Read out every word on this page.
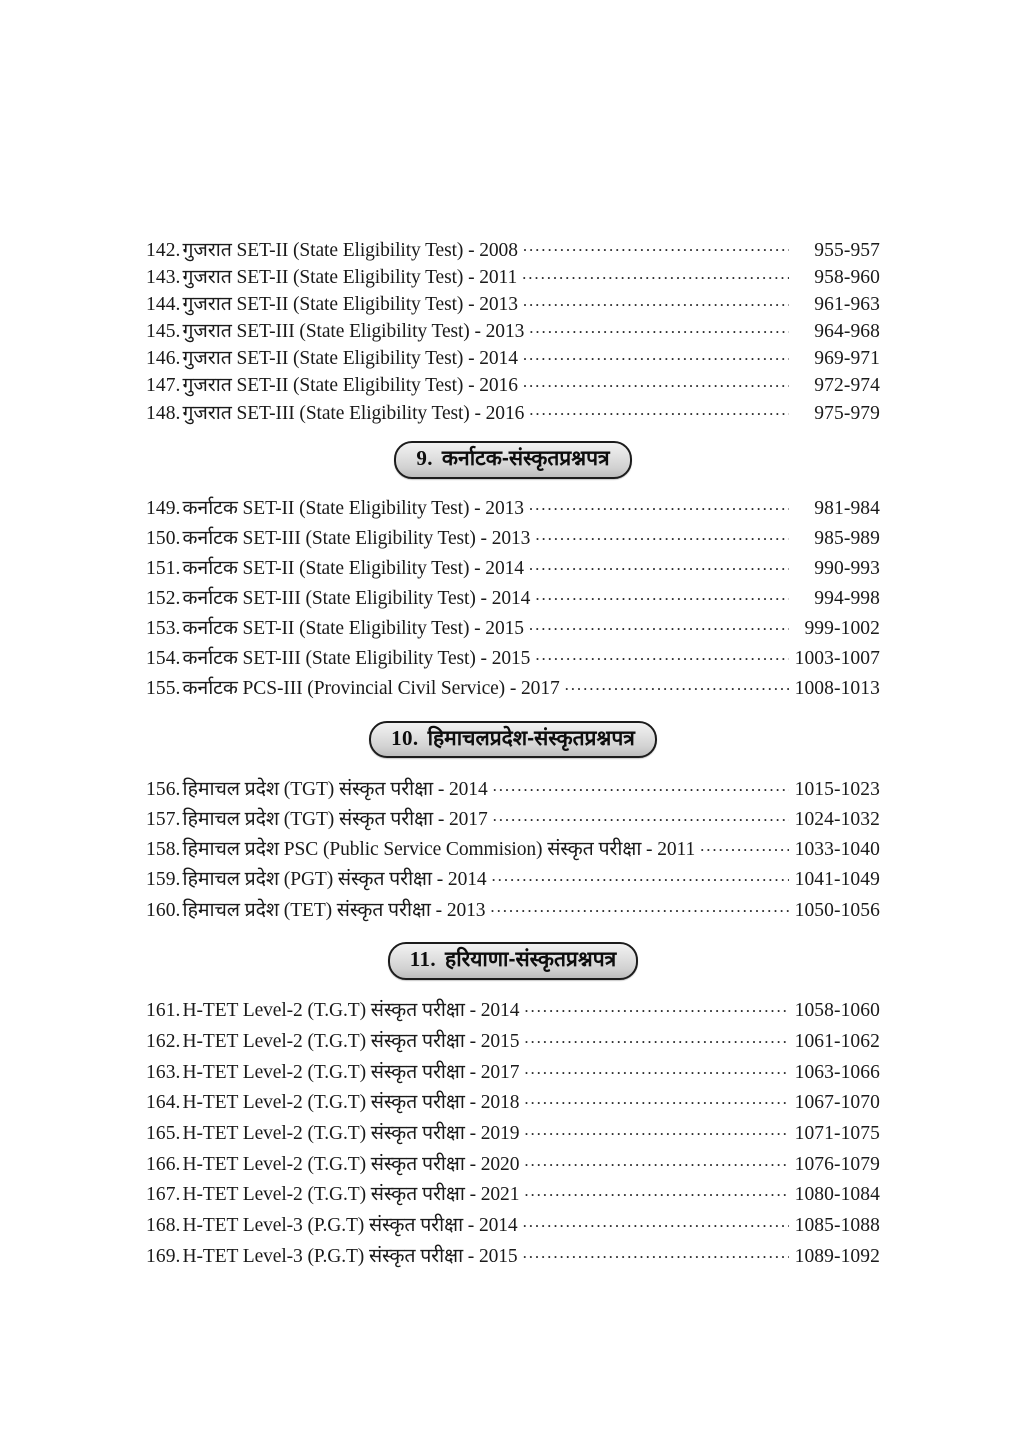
142. गुजरात SET-II (State Eligibility Test) - 2008 .....	955-957
143. गुजरात SET-II (State Eligibility Test) - 2011 .....	958-960
144. गुजरात SET-II (State Eligibility Test) - 2013 .....	961-963
145. गुजरात SET-III (State Eligibility Test) - 2013 .....	964-968
146. गुजरात SET-II (State Eligibility Test) - 2014 .....	969-971
147. गुजरात SET-II (State Eligibility Test) - 2016 .....	972-974
148. गुजरात SET-III (State Eligibility Test) - 2016 .....	975-979
9. कर्नाटक-संस्कृतप्रश्नपत्र
149. कर्नाटक SET-II (State Eligibility Test) - 2013 .....	981-984
150. कर्नाटक SET-III (State Eligibility Test) - 2013 .....	985-989
151. कर्नाटक SET-II (State Eligibility Test) - 2014 .....	990-993
152. कर्नाटक SET-III (State Eligibility Test) - 2014 .....	994-998
153. कर्नाटक SET-II (State Eligibility Test) - 2015 .....	999-1002
154. कर्नाटक SET-III (State Eligibility Test) - 2015 .....	1003-1007
155. कर्नाटक PCS-III (Provincial Civil Service) - 2017 .....	1008-1013
10. हिमाचलप्रदेश-संस्कृतप्रश्नपत्र
156. हिमाचल प्रदेश (TGT) संस्कृत परीक्षा - 2014 .....	1015-1023
157. हिमाचल प्रदेश (TGT) संस्कृत परीक्षा - 2017 .....	1024-1032
158. हिमाचल प्रदेश PSC (Public Service Commision) संस्कृत परीक्षा - 2011 .....	1033-1040
159. हिमाचल प्रदेश (PGT) संस्कृत परीक्षा - 2014 .....	1041-1049
160. हिमाचल प्रदेश (TET) संस्कृत परीक्षा - 2013 .....	1050-1056
11. हरियाणा-संस्कृतप्रश्नपत्र
161. H-TET Level-2 (T.G.T) संस्कृत परीक्षा - 2014 .....	1058-1060
162. H-TET Level-2 (T.G.T) संस्कृत परीक्षा - 2015 .....	1061-1062
163. H-TET Level-2 (T.G.T) संस्कृत परीक्षा - 2017 .....	1063-1066
164. H-TET Level-2 (T.G.T) संस्कृत परीक्षा - 2018 .....	1067-1070
165. H-TET Level-2 (T.G.T) संस्कृत परीक्षा - 2019 .....	1071-1075
166. H-TET Level-2 (T.G.T) संस्कृत परीक्षा - 2020 .....	1076-1079
167. H-TET Level-2 (T.G.T) संस्कृत परीक्षा - 2021 .....	1080-1084
168. H-TET Level-3 (P.G.T) संस्कृत परीक्षा - 2014 .....	1085-1088
169. H-TET Level-3 (P.G.T) संस्कृत परीक्षा - 2015 .....	1089-1092
